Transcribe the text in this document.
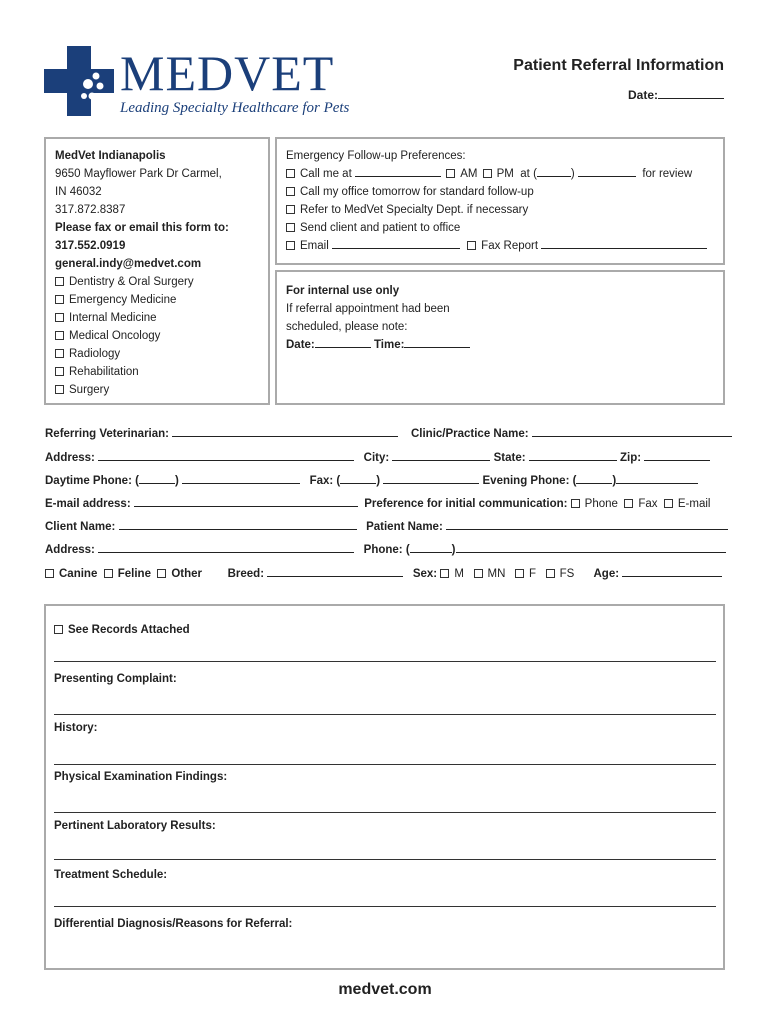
MEDVET
Leading Specialty Healthcare for Pets
Patient Referral Information
Date:
MedVet Indianapolis
9650 Mayflower Park Dr Carmel,
IN 46032
317.872.8387
Please fax or email this form to:
317.552.0919
general.indy@medvet.com
Dentistry & Oral Surgery
Emergency Medicine
Internal Medicine
Medical Oncology
Radiology
Rehabilitation
Surgery
Emergency Follow-up Preferences:
Call me at	AM PM at (	)	for review
Call my office tomorrow for standard follow-up
Refer to MedVet Specialty Dept. if necessary
Send client and patient to office
Email	Fax Report
For internal use only
If referral appointment had been
scheduled, please note:
Date:	Time:
Referring Veterinarian:	Clinic/Practice Name:
Address:	City:	State:	Zip:
Daytime Phone: (	)	Fax: (	)	Evening Phone: (	)
E-mail address:	Preference for initial communication: Phone Fax E-mail
Client Name:	Patient Name:
Address:	Phone: (	)
Canine Feline Other Breed:	Sex: M MN F FS Age:
See Records Attached
Presenting Complaint:
History:
Physical Examination Findings:
Pertinent Laboratory Results:
Treatment Schedule:
Differential Diagnosis/Reasons for Referral:
medvet.com
